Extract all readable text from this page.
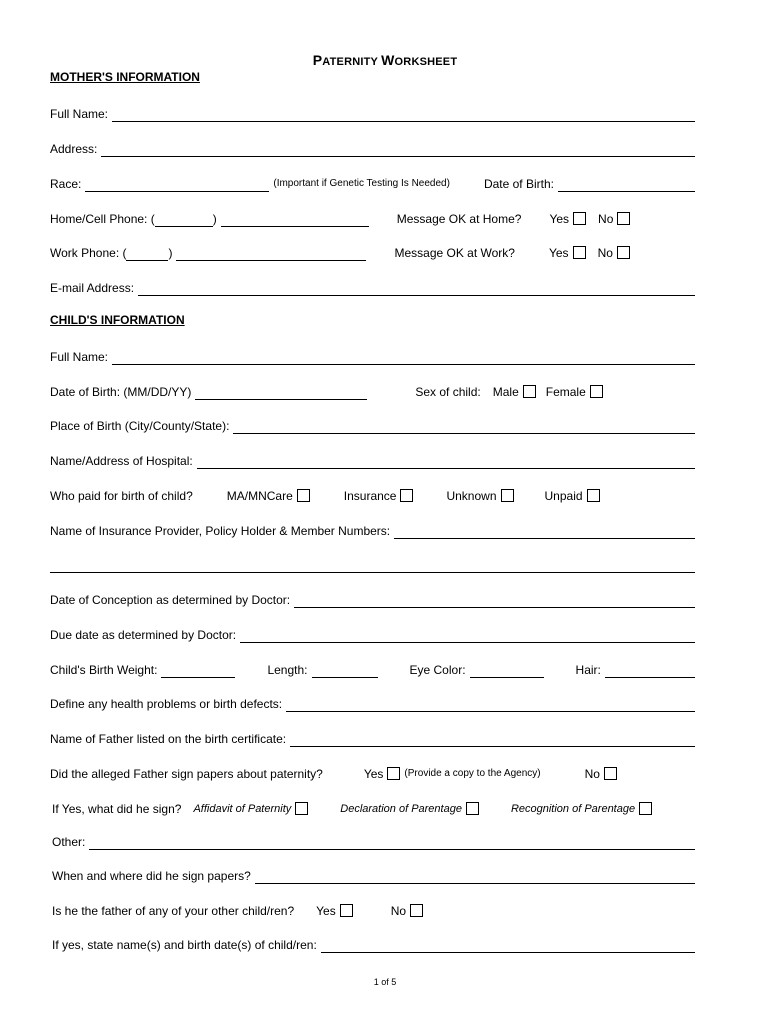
PATERNITY WORKSHEET
MOTHER'S INFORMATION
Full Name:
Address:
Race:	(Important if Genetic Testing Is Needed)	Date of Birth:
Home/Cell Phone: (	)	Message OK at Home? Yes No
Work Phone: (	)	Message OK at Work?	Yes No
E-mail Address:
CHILD'S INFORMATION
Full Name:
Date of Birth: (MM/DD/YY)	Sex of child: Male Female
Place of Birth (City/County/State):
Name/Address of Hospital:
Who paid for birth of child?	MA/MNCare	Insurance	Unknown	Unpaid
Name of Insurance Provider, Policy Holder & Member Numbers:
Date of Conception as determined by Doctor:
Due date as determined by Doctor:
Child's Birth Weight:	Length:	Eye Color:	Hair:
Define any health problems or birth defects:
Name of Father listed on the birth certificate:
Did the alleged Father sign papers about paternity?	Yes (Provide a copy to the Agency)	No
If Yes, what did he sign? Affidavit of Paternity	Declaration of Parentage	Recognition of Parentage
Other:
When and where did he sign papers?
Is he the father of any of your other child/ren? Yes	No
If yes, state name(s) and birth date(s) of child/ren:
1 of 5
